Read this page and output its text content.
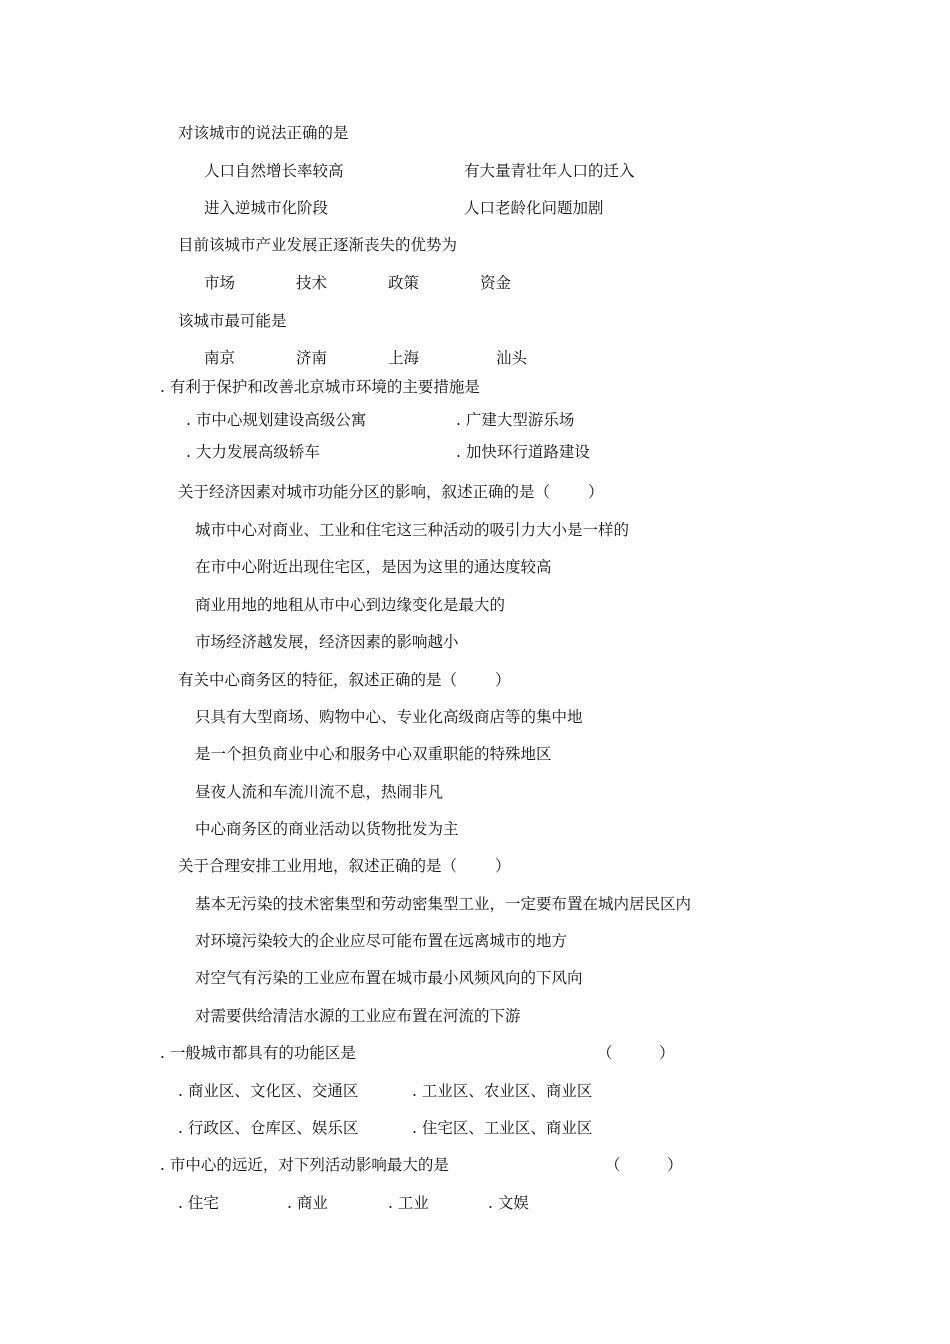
对该城市的说法正确的是
人口自然增长率较高	有大量青壮年人口的迁入
进入逆城市化阶段	人口老龄化问题加剧
目前该城市产业发展正逐渐丧失的优势为
市场	技术	政策	资金
该城市最可能是
南京	济南	上海	汕头
. 有利于保护和改善北京城市环境的主要措施是
. 市中心规划建设高级公寓	. 广建大型游乐场
. 大力发展高级轿车	. 加快环行道路建设
关于经济因素对城市功能分区的影响，叙述正确的是（ ）
城市中心对商业、工业和住宅这三种活动的吸引力大小是一样的
在市中心附近出现住宅区，是因为这里的通达度较高
商业用地的地租从市中心到边缘变化是最大的
市场经济越发展，经济因素的影响越小
有关中心商务区的特征，叙述正确的是（ ）
只具有大型商场、购物中心、专业化高级商店等的集中地
是一个担负商业中心和服务中心双重职能的特殊地区
昼夜人流和车流川流不息，热闹非凡
中心商务区的商业活动以货物批发为主
关于合理安排工业用地，叙述正确的是（ ）
基本无污染的技术密集型和劳动密集型工业，一定要布置在城内居民区内
对环境污染较大的企业应尽可能布置在远离城市的地方
对空气有污染的工业应布置在城市最小风频风向的下风向
对需要供给清洁水源的工业应布置在河流的下游
. 一般城市都具有的功能区是	（　　　）
. 商业区、文化区、交通区	. 工业区、农业区、商业区
. 行政区、仓库区、娱乐区	. 住宅区、工业区、商业区
. 市中心的远近，对下列活动影响最大的是	（　　　）
. 住宅	. 商业	. 工业	. 文娱
